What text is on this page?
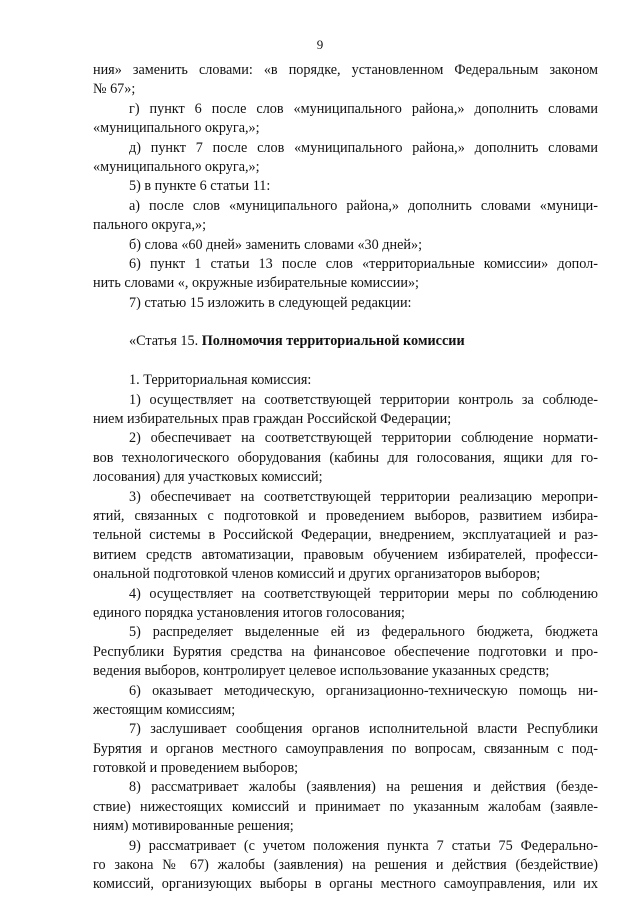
9
ния» заменить словами: «в порядке, установленном Федеральным законом
№ 67»;
г) пункт 6 после слов «муниципального района,» дополнить словами
«муниципального округа,»;
д) пункт 7 после слов «муниципального района,» дополнить словами
«муниципального округа,»;
5) в пункте 6 статьи 11:
а) после слов «муниципального района,» дополнить словами «муници-
пального округа,»;
б) слова «60 дней» заменить словами «30 дней»;
6) пункт 1 статьи 13 после слов «территориальные комиссии» допол-
нить словами «, окружные избирательные комиссии»;
7) статью 15 изложить в следующей редакции:
«Статья 15. Полномочия территориальной комиссии
1. Территориальная комиссия:
1) осуществляет на соответствующей территории контроль за соблюде-
нием избирательных прав граждан Российской Федерации;
2) обеспечивает на соответствующей территории соблюдение нормати-
вов технологического оборудования (кабины для голосования, ящики для го-
лосования) для участковых комиссий;
3) обеспечивает на соответствующей территории реализацию меропри-
ятий, связанных с подготовкой и проведением выборов, развитием избира-
тельной системы в Российской Федерации, внедрением, эксплуатацией и раз-
витием средств автоматизации, правовым обучением избирателей, професси-
ональной подготовкой членов комиссий и других организаторов выборов;
4) осуществляет на соответствующей территории меры по соблюдению
единого порядка установления итогов голосования;
5) распределяет выделенные ей из федерального бюджета, бюджета
Республики Бурятия средства на финансовое обеспечение подготовки и про-
ведения выборов, контролирует целевое использование указанных средств;
6) оказывает методическую, организационно-техническую помощь ни-
жестоящим комиссиям;
7) заслушивает сообщения органов исполнительной власти Республики
Бурятия и органов местного самоуправления по вопросам, связанным с под-
готовкой и проведением выборов;
8) рассматривает жалобы (заявления) на решения и действия (безде-
ствие) нижестоящих комиссий и принимает по указанным жалобам (заявле-
ниям) мотивированные решения;
9) рассматривает (с учетом положения пункта 7 статьи 75 Федерально-
го закона № 67) жалобы (заявления) на решения и действия (бездействие)
комиссий, организующих выборы в органы местного самоуправления, или их
